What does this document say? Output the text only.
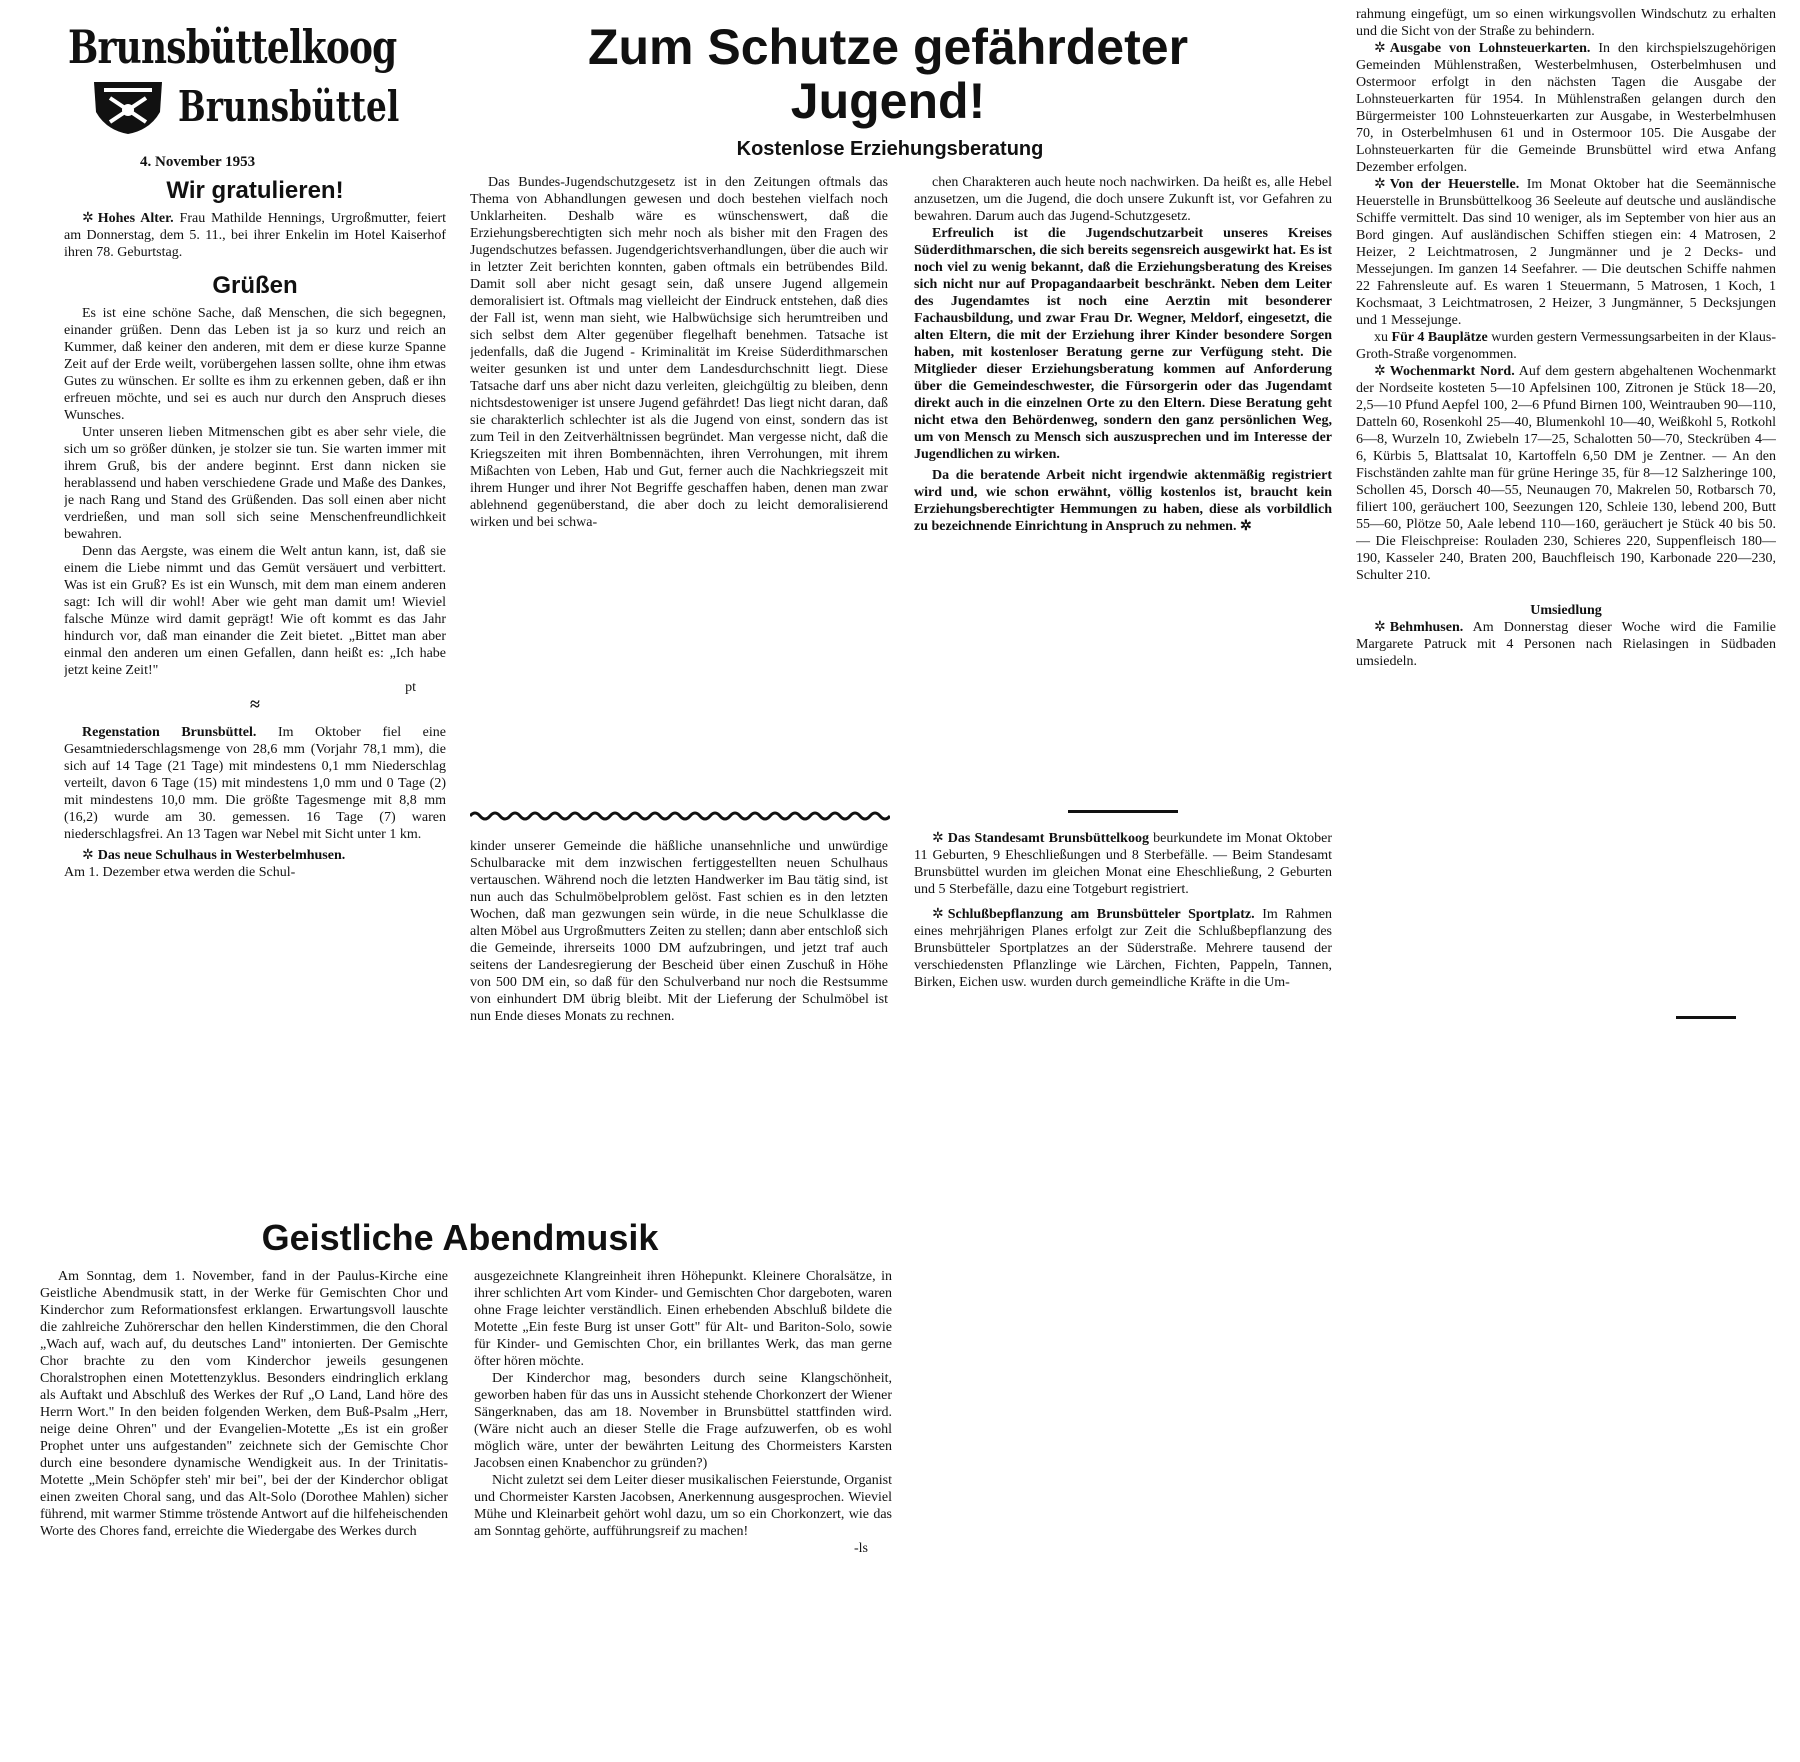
Brunsbüttelkoog
Brunsbüttel
4. November 1953
Zum Schutze gefährdeter Jugend!
Kostenlose Erziehungsberatung
Wir gratulieren!

✲ Hohes Alter. Frau Mathilde Hennings, Urgroßmutter, feiert am Donnerstag, dem 5. 11., bei ihrer Enkelin im Hotel Kaiserhof ihren 78. Geburtstag.

Grüßen

Es ist eine schöne Sache, daß Menschen, die sich begegnen, einander grüßen. Denn das Leben ist ja so kurz und reich an Kummer, daß keiner den anderen, mit dem er diese kurze Spanne Zeit auf der Erde weilt, vorübergehen lassen sollte, ohne ihm etwas Gutes zu wünschen. Er sollte es ihm zu erkennen geben, daß er ihn erfreuen möchte, und sei es auch nur durch den Anspruch dieses Wunsches.

Unter unseren lieben Mitmenschen gibt es aber sehr viele, die sich um so größer dünken, je stolzer sie tun. Sie warten immer mit ihrem Gruß, bis der andere beginnt. Erst dann nicken sie herablassend und haben verschiedene Grade und Maße des Dankes, je nach Rang und Stand des Grüßenden. Das soll einen aber nicht verdrießen, und man soll sich seine Menschenfreundlichkeit bewahren.

Denn das Aergste, was einem die Welt antun kann, ist, daß sie einem die Liebe nimmt und das Gemüt versäuert und verbittert. Was ist ein Gruß? Es ist ein Wunsch, mit dem man einem anderen sagt: Ich will dir wohl! Aber wie geht man damit um! Wieviel falsche Münze wird damit geprägt! Wie oft kommt es das Jahr hindurch vor, daß man einander die Zeit bietet. „Bittet man aber einmal den anderen um einen Gefallen, dann heißt es: „Ich habe jetzt keine Zeit!"

pt
≈

Regenstation Brunsbüttel. Im Oktober fiel eine Gesamtniederschlagsmenge von 28,6 mm (Vorjahr 78,1 mm), die sich auf 14 Tage (21 Tage) mit mindestens 0,1 mm Niederschlag verteilt, davon 6 Tage (15) mit mindestens 1,0 mm und 0 Tage (2) mit mindestens 10,0 mm. Die größte Tagesmenge mit 8,8 mm (16,2) wurde am 30. gemessen. 16 Tage (7) waren niederschlagsfrei. An 13 Tagen war Nebel mit Sicht unter 1 km.

✲ Das neue Schulhaus in Westerbelmhusen.

Am 1. Dezember etwa werden die Schul-

Das Bundes-Jugendschutzgesetz ist in den Zeitungen oftmals das Thema von Abhandlungen gewesen und doch bestehen vielfach noch Unklarheiten. Deshalb wäre es wünschenswert, daß die Erziehungsberechtigten sich mehr noch als bisher mit den Fragen des Jugendschutzes befassen. Jugendgerichtsverhandlungen, über die auch wir in letzter Zeit berichten konnten, gaben oftmals ein betrübendes Bild. Damit soll aber nicht gesagt sein, daß unsere Jugend allgemein demoralisiert ist. Oftmals mag vielleicht der Eindruck entstehen, daß dies der Fall ist, wenn man sieht, wie Halbwüchsige sich herumtreiben und sich selbst dem Alter gegenüber flegelhaft benehmen. Tatsache ist jedenfalls, daß die Jugend - Kriminalität im Kreise Süderdithmarschen weiter gesunken ist und unter dem Landesdurchschnitt liegt. Diese Tatsache darf uns aber nicht dazu verleiten, gleichgültig zu bleiben, denn nichtsdestoweniger ist unsere Jugend gefährdet! Das liegt nicht daran, daß sie charakterlich schlechter ist als die Jugend von einst, sondern das ist zum Teil in den Zeitverhältnissen begründet. Man vergesse nicht, daß die Kriegszeiten mit ihren Bombennächten, ihren Verrohungen, mit ihrem Mißachten von Leben, Hab und Gut, ferner auch die Nachkriegszeit mit ihrem Hunger und ihrer Not Begriffe geschaffen haben, denen man zwar ablehnend gegenüberstand, die aber doch zu leicht demoralisierend wirken und bei schwa-

kinder unserer Gemeinde die häßliche unansehnliche und unwürdige Schulbaracke mit dem inzwischen fertiggestellten neuen Schulhaus vertauschen. Während noch die letzten Handwerker im Bau tätig sind, ist nun auch das Schulmöbelproblem gelöst. Fast schien es in den letzten Wochen, daß man gezwungen sein würde, in die neue Schulklasse die alten Möbel aus Urgroßmutters Zeiten zu stellen; dann aber entschloß sich die Gemeinde, ihrerseits 1000 DM aufzubringen, und jetzt traf auch seitens der Landesregierung der Bescheid über einen Zuschuß in Höhe von 500 DM ein, so daß für den Schulverband nur noch die Restsumme von einhundert DM übrig bleibt. Mit der Lieferung der Schulmöbel ist nun Ende dieses Monats zu rechnen.

chen Charakteren auch heute noch nachwirken. Da heißt es, alle Hebel anzusetzen, um die Jugend, die doch unsere Zukunft ist, vor Gefahren zu bewahren. Darum auch das Jugend-Schutzgesetz.

Erfreulich ist die Jugendschutzarbeit unseres Kreises Süderdithmarschen, die sich bereits segensreich ausgewirkt hat. Es ist noch viel zu wenig bekannt, daß die Erziehungsberatung des Kreises sich nicht nur auf Propagandaarbeit beschränkt. Neben dem Leiter des Jugendamtes ist noch eine Aerztin mit besonderer Fachausbildung, und zwar Frau Dr. Wegner, Meldorf, eingesetzt, die alten Eltern, die mit der Erziehung ihrer Kinder besondere Sorgen haben, mit kostenloser Beratung gerne zur Verfügung steht. Die Mitglieder dieser Erziehungsberatung kommen auf Anforderung über die Gemeindeschwester, die Fürsorgerin oder das Jugendamt direkt auch in die einzelnen Orte zu den Eltern. Diese Beratung geht nicht etwa den Behördenweg, sondern den ganz persönlichen Weg, um von Mensch zu Mensch sich auszusprechen und im Interesse der Jugendlichen zu wirken.

Da die beratende Arbeit nicht irgendwie aktenmäßig registriert wird und, wie schon erwähnt, völlig kostenlos ist, braucht kein Erziehungsberechtigter Hemmungen zu haben, diese als vorbildlich zu bezeichnende Einrichtung in Anspruch zu nehmen. ✲

✲ Das Standesamt Brunsbüttelkoog beurkundete im Monat Oktober 11 Geburten, 9 Eheschließungen und 8 Sterbefälle. — Beim Standesamt Brunsbüttel wurden im gleichen Monat eine Eheschließung, 2 Geburten und 5 Sterbefälle, dazu eine Totgeburt registriert.

✲ Schlußbepflanzung am Brunsbütteler Sportplatz. Im Rahmen eines mehrjährigen Planes erfolgt zur Zeit die Schlußbepflanzung des Brunsbütteler Sportplatzes an der Süderstraße. Mehrere tausend der verschiedensten Pflanzlinge wie Lärchen, Fichten, Pappeln, Tannen, Birken, Eichen usw. wurden durch gemeindliche Kräfte in die Um-

rahmung eingefügt, um so einen wirkungsvollen Windschutz zu erhalten und die Sicht von der Straße zu behindern.

✲ Ausgabe von Lohnsteuerkarten. In den kirchspielszugehörigen Gemeinden Mühlenstraßen, Westerbelmhusen, Osterbelmhusen und Ostermoor erfolgt in den nächsten Tagen die Ausgabe der Lohnsteuerkarten für 1954. In Mühlenstraßen gelangen durch den Bürgermeister 100 Lohnsteuerkarten zur Ausgabe, in Westerbelmhusen 70, in Osterbelmhusen 61 und in Ostermoor 105. Die Ausgabe der Lohnsteuerkarten für die Gemeinde Brunsbüttel wird etwa Anfang Dezember erfolgen.

✲ Von der Heuerstelle. Im Monat Oktober hat die Seemännische Heuerstelle in Brunsbüttelkoog 36 Seeleute auf deutsche und ausländische Schiffe vermittelt. Das sind 10 weniger, als im September von hier aus an Bord gingen. Auf ausländischen Schiffen stiegen ein: 4 Matrosen, 2 Heizer, 2 Leichtmatrosen, 2 Jungmänner und je 2 Decks- und Messejungen. Im ganzen 14 Seefahrer. — Die deutschen Schiffe nahmen 22 Fahrensleute auf. Es waren 1 Steuermann, 5 Matrosen, 1 Koch, 1 Kochsmaat, 3 Leichtmatrosen, 2 Heizer, 3 Jungmänner, 5 Decksjungen und 1 Messejunge.

xu Für 4 Bauplätze wurden gestern Vermessungsarbeiten in der Klaus-Groth-Straße vorgenommen.

✲ Wochenmarkt Nord. Auf dem gestern abgehaltenen Wochenmarkt der Nordseite kosteten 5—10 Apfelsinen 100, Zitronen je Stück 18—20, 2,5—10 Pfund Aepfel 100, 2—6 Pfund Birnen 100, Weintrauben 90—110, Datteln 60, Rosenkohl 25—40, Blumenkohl 10—40, Weißkohl 5, Rotkohl 6—8, Wurzeln 10, Zwiebeln 17—25, Schalotten 50—70, Steckrüben 4—6, Kürbis 5, Blattsalat 10, Kartoffeln 6,50 DM je Zentner. — An den Fischständen zahlte man für grüne Heringe 35, für 8—12 Salzheringe 100, Schollen 45, Dorsch 40—55, Neunaugen 70, Makrelen 50, Rotbarsch 70, filiert 100, geräuchert 100, Seezungen 120, Schleie 130, lebend 200, Butt 55—60, Plötze 50, Aale lebend 110—160, geräuchert je Stück 40 bis 50. — Die Fleischpreise: Rouladen 230, Schieres 220, Suppenfleisch 180—190, Kasseler 240, Braten 200, Bauchfleisch 190, Karbonade 220—230, Schulter 210.

Umsiedlung

✲ Behmhusen. Am Donnerstag dieser Woche wird die Familie Margarete Patruck mit 4 Personen nach Rielasingen in Südbaden umsiedeln.

Geistliche Abendmusik

Am Sonntag, dem 1. November, fand in der Paulus-Kirche eine Geistliche Abendmusik statt, in der Werke für Gemischten Chor und Kinderchor zum Reformationsfest erklangen. Erwartungsvoll lauschte die zahlreiche Zuhörerschar den hellen Kinderstimmen, die den Choral „Wach auf, wach auf, du deutsches Land" intonierten. Der Gemischte Chor brachte zu den vom Kinderchor jeweils gesungenen Choralstrophen einen Motettenzyklus. Besonders eindringlich erklang als Auftakt und Abschluß des Werkes der Ruf „O Land, Land höre des Herrn Wort." In den beiden folgenden Werken, dem Buß-Psalm „Herr, neige deine Ohren" und der Evangelien-Motette „Es ist ein großer Prophet unter uns aufgestanden" zeichnete sich der Gemischte Chor durch eine besondere dynamische Wendigkeit aus. In der Trinitatis-Motette „Mein Schöpfer steh' mir bei", bei der der Kinderchor obligat einen zweiten Choral sang, und das Alt-Solo (Dorothee Mahlen) sicher führend, mit warmer Stimme tröstende Antwort auf die hilfeheischenden Worte des Chores fand, erreichte die Wiedergabe des Werkes durch

ausgezeichnete Klangreinheit ihren Höhepunkt. Kleinere Choralsätze, in ihrer schlichten Art vom Kinder- und Gemischten Chor dargeboten, waren ohne Frage leichter verständlich. Einen erhebenden Abschluß bildete die Motette „Ein feste Burg ist unser Gott" für Alt- und Bariton-Solo, sowie für Kinder- und Gemischten Chor, ein brillantes Werk, das man gerne öfter hören möchte.

Der Kinderchor mag, besonders durch seine Klangschönheit, geworben haben für das uns in Aussicht stehende Chorkonzert der Wiener Sängerknaben, das am 18. November in Brunsbüttel stattfinden wird. (Wäre nicht auch an dieser Stelle die Frage aufzuwerfen, ob es wohl möglich wäre, unter der bewährten Leitung des Chormeisters Karsten Jacobsen einen Knabenchor zu gründen?)

Nicht zuletzt sei dem Leiter dieser musikalischen Feierstunde, Organist und Chormeister Karsten Jacobsen, Anerkennung ausgesprochen. Wieviel Mühe und Kleinarbeit gehört wohl dazu, um so ein Chorkonzert, wie das am Sonntag gehörte, aufführungsreif zu machen!

-ls
